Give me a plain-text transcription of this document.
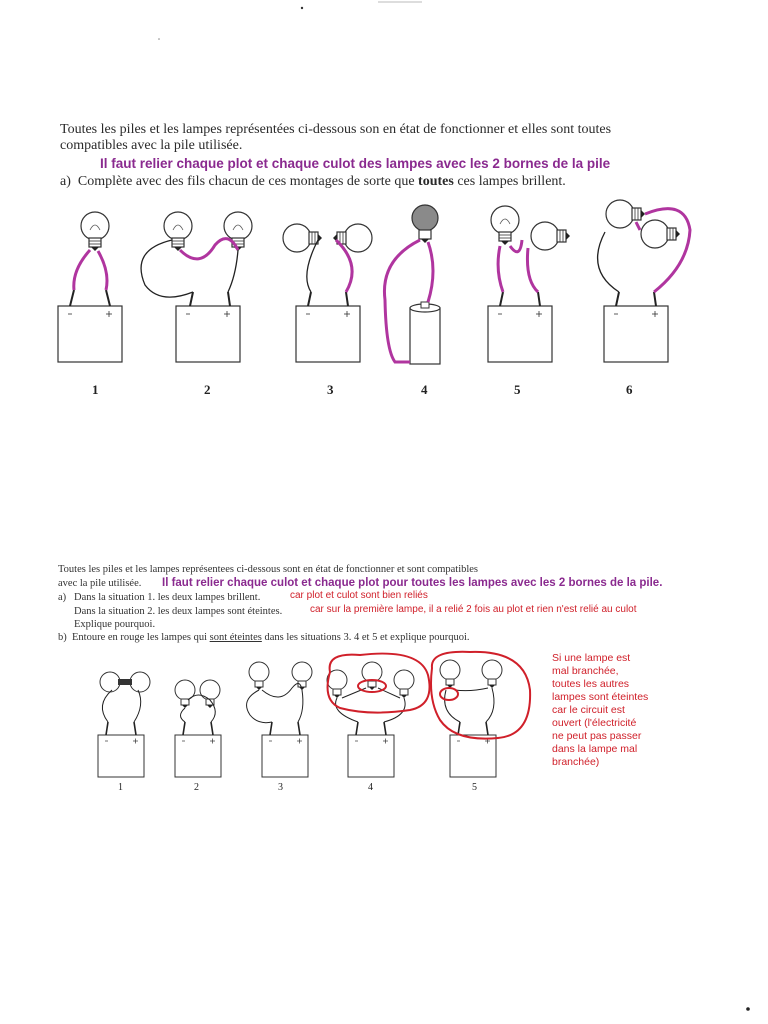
Toutes les piles et les lampes représentées ci-dessous son en état de fonctionner et elles sont toutes
compatibles avec la pile utilisée.
Il faut relier chaque plot et chaque culot des lampes avec les 2 bornes de la pile
a) Complète avec des fils chacun de ces montages de sorte que toutes ces lampes brillent.
1	2	3	4	5	6
Toutes les piles et les lampes représentees ci-dessous sont en état de fonctionner et sont compatibles
avec la pile utilisée. Il faut relier chaque culot et chaque plot pour toutes les lampes avec les 2 bornes de la pile.
a) Dans la situation 1. les deux lampes brillent.	car plot et culot sont bien reliés
Dans la situation 2. les deux lampes sont éteintes.	car sur la première lampe, il a relié 2 fois au plot et rien n'est relié au culot
Explique pourquoi.
b) Entoure en rouge les lampes qui sont éteintes dans les situations 3. 4 et 5 et explique pourquoi.
Si une lampe est
mal branchée,
toutes les autres
lampes sont éteintes
car le circuit est
ouvert (l'électricité
ne peut pas passer
dans la lampe mal
branchée)
1	2	3	4	5
